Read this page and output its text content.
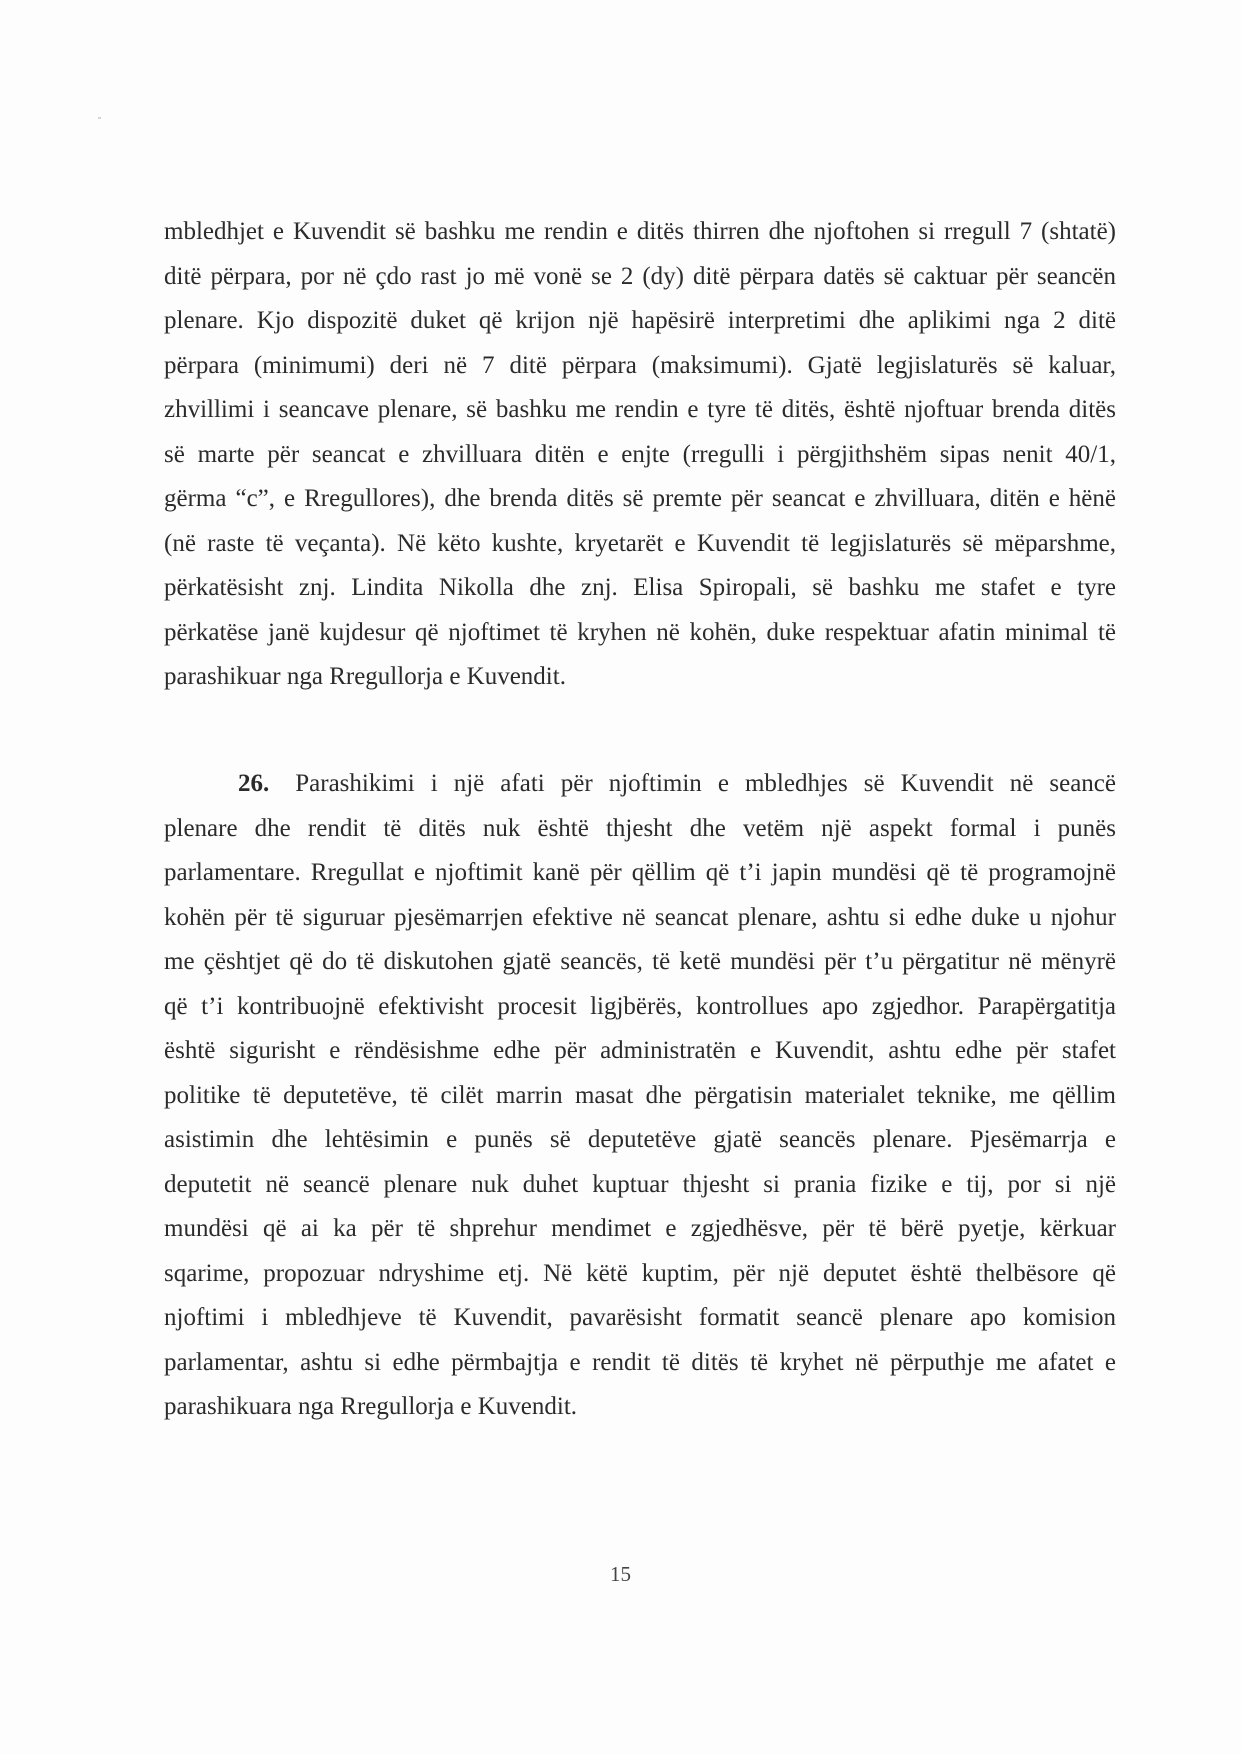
mbledhjet e Kuvendit së bashku me rendin e ditës thirren dhe njoftohen si rregull 7 (shtatë)
ditë përpara, por në çdo rast jo më vonë se 2 (dy) ditë përpara datës së caktuar për seancën
plenare. Kjo dispozitë duket që krijon një hapësirë interpretimi dhe aplikimi nga 2 ditë
përpara (minimumi) deri në 7 ditë përpara (maksimumi). Gjatë legjislaturës së kaluar,
zhvillimi i seancave plenare, së bashku me rendin e tyre të ditës, është njoftuar brenda ditës
së marte për seancat e zhvilluara ditën e enjte (rregulli i përgjithshëm sipas nenit 40/1,
gërma “c”, e Rregullores), dhe brenda ditës së premte për seancat e zhvilluara, ditën e hënë
(në raste të veçanta). Në këto kushte, kryetarët e Kuvendit të legjislaturës së mëparshme,
përkatësisht znj. Lindita Nikolla dhe znj. Elisa Spiropali, së bashku me stafet e tyre
përkatëse janë kujdesur që njoftimet të kryhen në kohën, duke respektuar afatin minimal të
parashikuar nga Rregullorja e Kuvendit.
26. Parashikimi i një afati për njoftimin e mbledhjes së Kuvendit në seancë
plenare dhe rendit të ditës nuk është thjesht dhe vetëm një aspekt formal i punës
parlamentare. Rregullat e njoftimit kanë për qëllim që t’i japin mundësi që të programojnë
kohën për të siguruar pjesëmarrjen efektive në seancat plenare, ashtu si edhe duke u njohur
me çështjet që do të diskutohen gjatë seancës, të ketë mundësi për t’u përgatitur në mënyrë
që t’i kontribuojnë efektivisht procesit ligjbërës, kontrollues apo zgjedhor. Parapërgatitja
është sigurisht e rëndësishme edhe për administratën e Kuvendit, ashtu edhe për stafet
politike të deputetëve, të cilët marrin masat dhe përgatisin materialet teknike, me qëllim
asistimin dhe lehtësimin e punës së deputetëve gjatë seancës plenare. Pjesëmarrja e
deputetit në seancë plenare nuk duhet kuptuar thjesht si prania fizike e tij, por si një
mundësi që ai ka për të shprehur mendimet e zgjedhësve, për të bërë pyetje, kërkuar
sqarime, propozuar ndryshime etj. Në këtë kuptim, për një deputet është thelbësore që
njoftimi i mbledhjeve të Kuvendit, pavarësisht formatit seancë plenare apo komision
parlamentar, ashtu si edhe përmbajtja e rendit të ditës të kryhet në përputhje me afatet e
parashikuara nga Rregullorja e Kuvendit.
15
